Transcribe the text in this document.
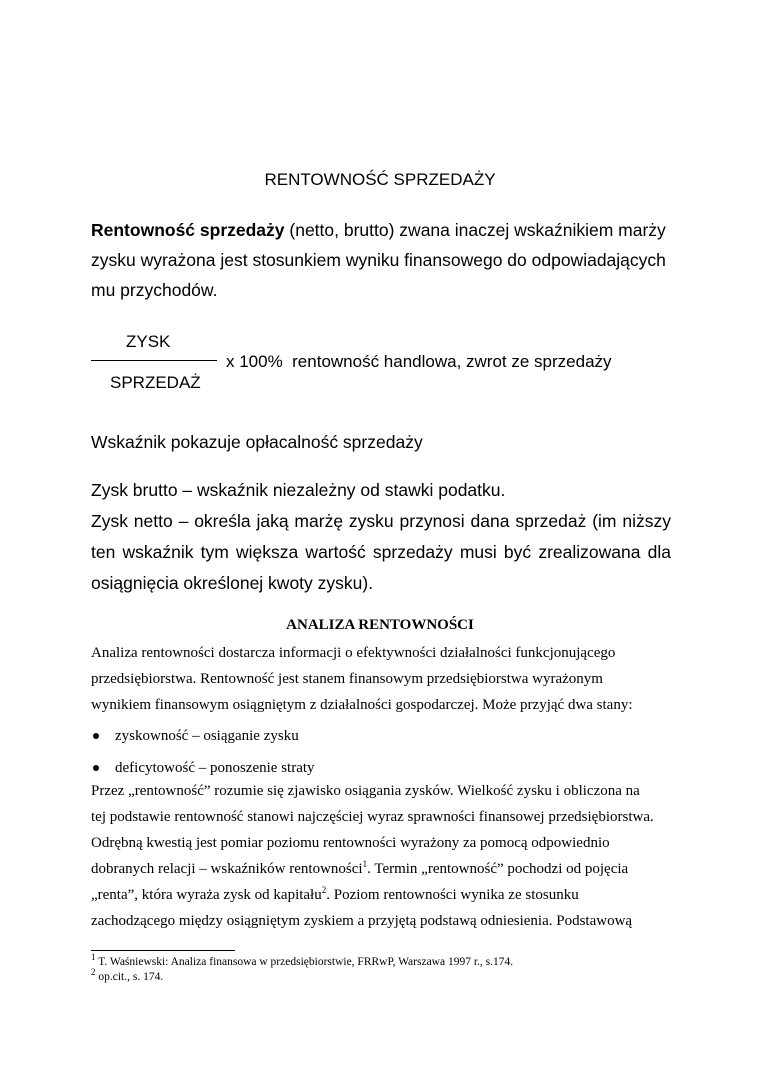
RENTOWNOŚĆ SPRZEDAŻY
Rentowność sprzedaży (netto, brutto) zwana inaczej wskaźnikiem marży zysku wyrażona jest stosunkiem wyniku finansowego do odpowiadających mu przychodów.
ZYSK
SPRZEDAŻ
x 100%  rentowność handlowa, zwrot ze sprzedaży
Wskaźnik pokazuje opłacalność sprzedaży

Zysk brutto – wskaźnik niezależny od stawki podatku.

Zysk netto – określa jaką marżę zysku przynosi dana sprzedaż (im niższy ten wskaźnik tym większa wartość sprzedaży musi być zrealizowana dla osiągnięcia określonej kwoty zysku).

ANALIZA RENTOWNOŚCI

Analiza rentowności dostarcza informacji o efektywności działalności funkcjonującego

przedsiębiorstwa. Rentowność jest stanem finansowym przedsiębiorstwa wyrażonym

wynikiem finansowym osiągniętym z działalności gospodarczej. Może przyjąć dwa stany:

zyskowność – osiąganie zysku
deficytowość – ponoszenie straty

Przez „rentowność” rozumie się zjawisko osiągania zysków. Wielkość zysku i obliczona na

tej podstawie rentowność stanowi najczęściej wyraz sprawności finansowej przedsiębiorstwa.

Odrębną kwestią jest pomiar poziomu rentowności wyrażony za pomocą odpowiednio

dobranych relacji – wskaźników rentowności$^1$. Termin „rentowność” pochodzi od pojęcia

„renta”, która wyraża zysk od kapitału$^2$. Poziom rentowności wynika ze stosunku

zachodzącego między osiągniętym zyskiem a przyjętą podstawą odniesienia. Podstawową

$^1$ T. Waśniewski: Analiza finansowa w przedsiębiorstwie, FRRwP, Warszawa 1997 r., s.174.

$^2$ op.cit., s. 174.
